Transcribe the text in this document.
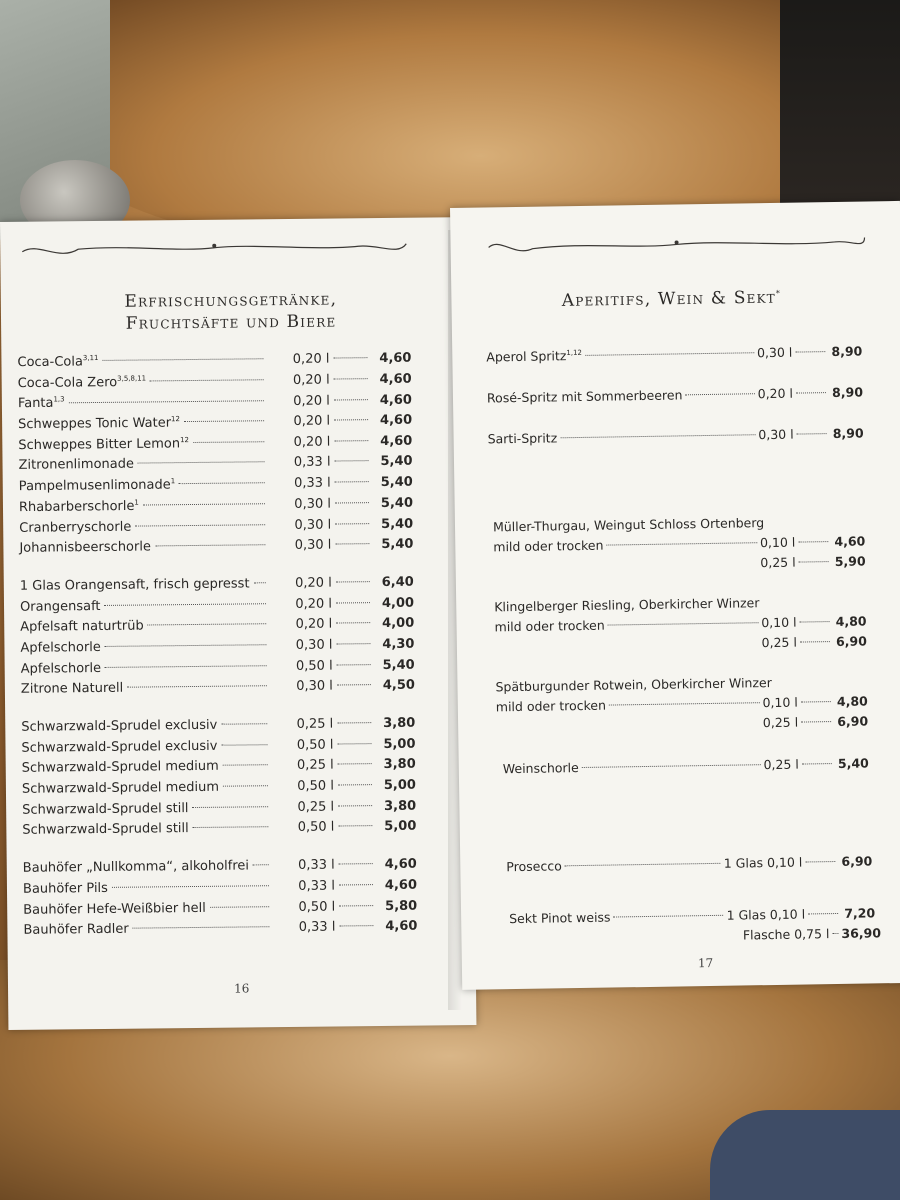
Erfrischungsgetränke,
Fruchtsäfte und Biere
Coca-Cola$^{3,11}$	0,20 l	4,60
Coca-Cola Zero$^{3,5,8,11}$	0,20 l	4,60
Fanta$^{1,3}$	0,20 l	4,60
Schweppes Tonic Water$^{12}$	0,20 l	4,60
Schweppes Bitter Lemon$^{12}$	0,20 l	4,60
Zitronenlimonade	0,33 l	5,40
Pampelmusenlimonade$^1$	0,33 l	5,40
Rhabarberschorle$^1$	0,30 l	5,40
Cranberryschorle	0,30 l	5,40
Johannisbeerschorle	0,30 l	5,40
1 Glas Orangensaft, frisch gepresst	0,20 l	6,40
Orangensaft	0,20 l	4,00
Apfelsaft naturtrüb	0,20 l	4,00
Apfelschorle	0,30 l	4,30
Apfelschorle	0,50 l	5,40
Zitrone Naturell	0,30 l	4,50
Schwarzwald-Sprudel exclusiv	0,25 l	3,80
Schwarzwald-Sprudel exclusiv	0,50 l	5,00
Schwarzwald-Sprudel medium	0,25 l	3,80
Schwarzwald-Sprudel medium	0,50 l	5,00
Schwarzwald-Sprudel still	0,25 l	3,80
Schwarzwald-Sprudel still	0,50 l	5,00
Bauhöfer „Nullkomma“, alkoholfrei	0,33 l	4,60
Bauhöfer Pils	0,33 l	4,60
Bauhöfer Hefe-Weißbier hell	0,50 l	5,80
Bauhöfer Radler	0,33 l	4,60
16
Aperitifs, Wein & Sekt*
Aperol Spritz$^{1,12}$	0,30 l	8,90
Rosé-Spritz mit Sommerbeeren	0,20 l	8,90
Sarti-Spritz	0,30 l	8,90
Müller-Thurgau, Weingut Schloss Ortenberg
mild oder trocken	0,10 l	4,60
0,25 l	5,90
Klingelberger Riesling, Oberkircher Winzer
mild oder trocken	0,10 l	4,80
0,25 l	6,90
Spätburgunder Rotwein, Oberkircher Winzer
mild oder trocken	0,10 l	4,80
0,25 l	6,90
Weinschorle	0,25 l	5,40
Prosecco	1 Glas 0,10 l	6,90
Sekt Pinot weiss	1 Glas 0,10 l	7,20
Flasche 0,75 l 36,90
17
